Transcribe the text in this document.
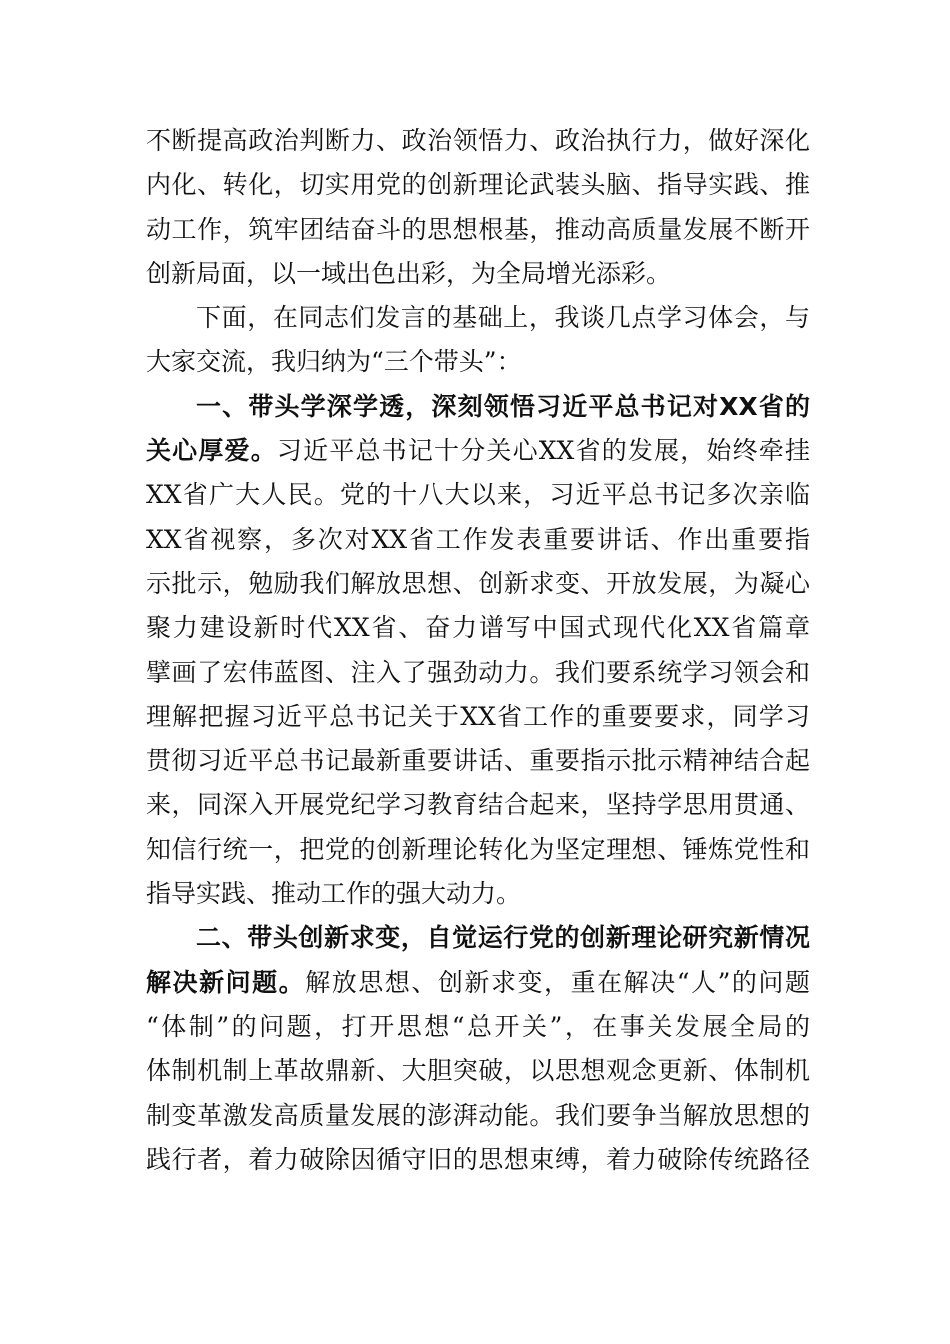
不断提高政治判断力、政治领悟力、政治执行力，做好深化
内化、转化，切实用党的创新理论武装头脑、指导实践、推
动工作，筑牢团结奋斗的思想根基，推动高质量发展不断开
创新局面，以一域出色出彩，为全局增光添彩。
下面，在同志们发言的基础上，我谈几点学习体会，与
大家交流，我归纳为“三个带头”：
一、带头学深学透，深刻领悟习近平总书记对XX省的
关心厚爱。习近平总书记十分关心XX省的发展，始终牵挂
XX省广大人民。党的十八大以来，习近平总书记多次亲临
XX省视察，多次对XX省工作发表重要讲话、作出重要指
示批示，勉励我们解放思想、创新求变、开放发展，为凝心
聚力建设新时代XX省、奋力谱写中国式现代化XX省篇章
擘画了宏伟蓝图、注入了强劲动力。我们要系统学习领会和
理解把握习近平总书记关于XX省工作的重要要求，同学习
贯彻习近平总书记最新重要讲话、重要指示批示精神结合起
来，同深入开展党纪学习教育结合起来，坚持学思用贯通、
知信行统一，把党的创新理论转化为坚定理想、锤炼党性和
指导实践、推动工作的强大动力。
二、带头创新求变，自觉运行党的创新理论研究新情况
解决新问题。解放思想、创新求变，重在解决“人”的问题
“体制”的问题，打开思想“总开关”，在事关发展全局的
体制机制上革故鼎新、大胆突破，以思想观念更新、体制机
制变革激发高质量发展的澎湃动能。我们要争当解放思想的
践行者，着力破除因循守旧的思想束缚，着力破除传统路径
